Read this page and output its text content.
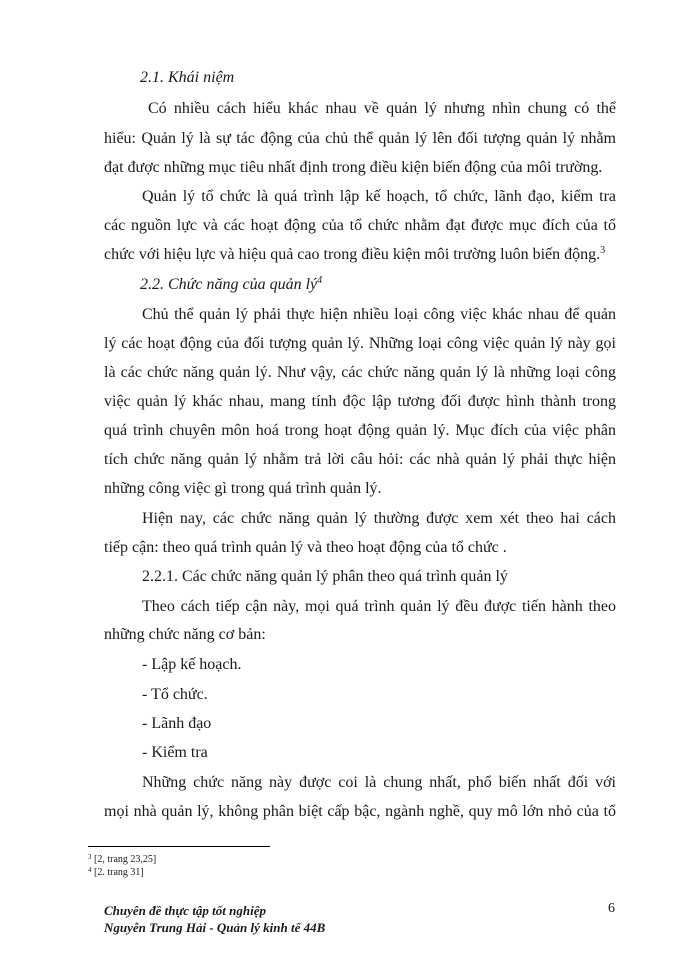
2.1. Khái niệm
Có nhiều cách hiểu khác nhau về quản lý nhưng nhìn chung có thể
hiểu: Quản lý là sự tác động của chủ thể quản lý lên đối tượng quản lý nhằm
đạt được những mục tiêu nhất định trong điều kiện biến động của môi trường.
Quản lý tổ chức là quá trình lập kế hoạch, tổ chức, lãnh đạo, kiểm tra
các nguồn lực và các hoạt động của tổ chức nhằm đạt được mục đích của tổ
chức với hiệu lực và hiệu quả cao trong điều kiện môi trường luôn biến động.$^3$
2.2. Chức năng của quản $lý^4$
Chủ thể quản lý phải thực hiện nhiều loại công việc khác nhau để quản
lý các hoạt động của đối tượng quản lý. Những loại công việc quản lý này gọi
là các chức năng quản lý. Như vậy, các chức năng quản lý là những loại công
việc quản lý khác nhau, mang tính độc lập tương đối được hình thành trong
quá trình chuyên môn hoá trong hoạt động quản lý. Mục đích của việc phân
tích chức năng quản lý nhằm trả lời câu hỏi: các nhà quản lý phải thực hiện
những công việc gì trong quá trình quản lý.
Hiện nay, các chức năng quản lý thường được xem xét theo hai cách
tiếp cận: theo quá trình quản lý và theo hoạt động của tổ chức .
2.2.1. Các chức năng quản lý phân theo quá trình quản lý
Theo cách tiếp cận này, mọi quá trình quản lý đều được tiến hành theo
những chức năng cơ bản:
- Lập kế hoạch.
- Tổ chức.
- Lãnh đạo
- Kiểm tra
Những chức năng này được coi là chung nhất, phổ biến nhất đối với
mọi nhà quản lý, không phân biệt cấp bậc, ngành nghề, quy mô lớn nhỏ của tổ
$^3$ [2, trang 23,25]
$^4$ [2. trang 31]
Chuyên đề thực tập tốt nghiệp
Nguyễn Trung Hải - Quản lý kinh tế 44B
6
